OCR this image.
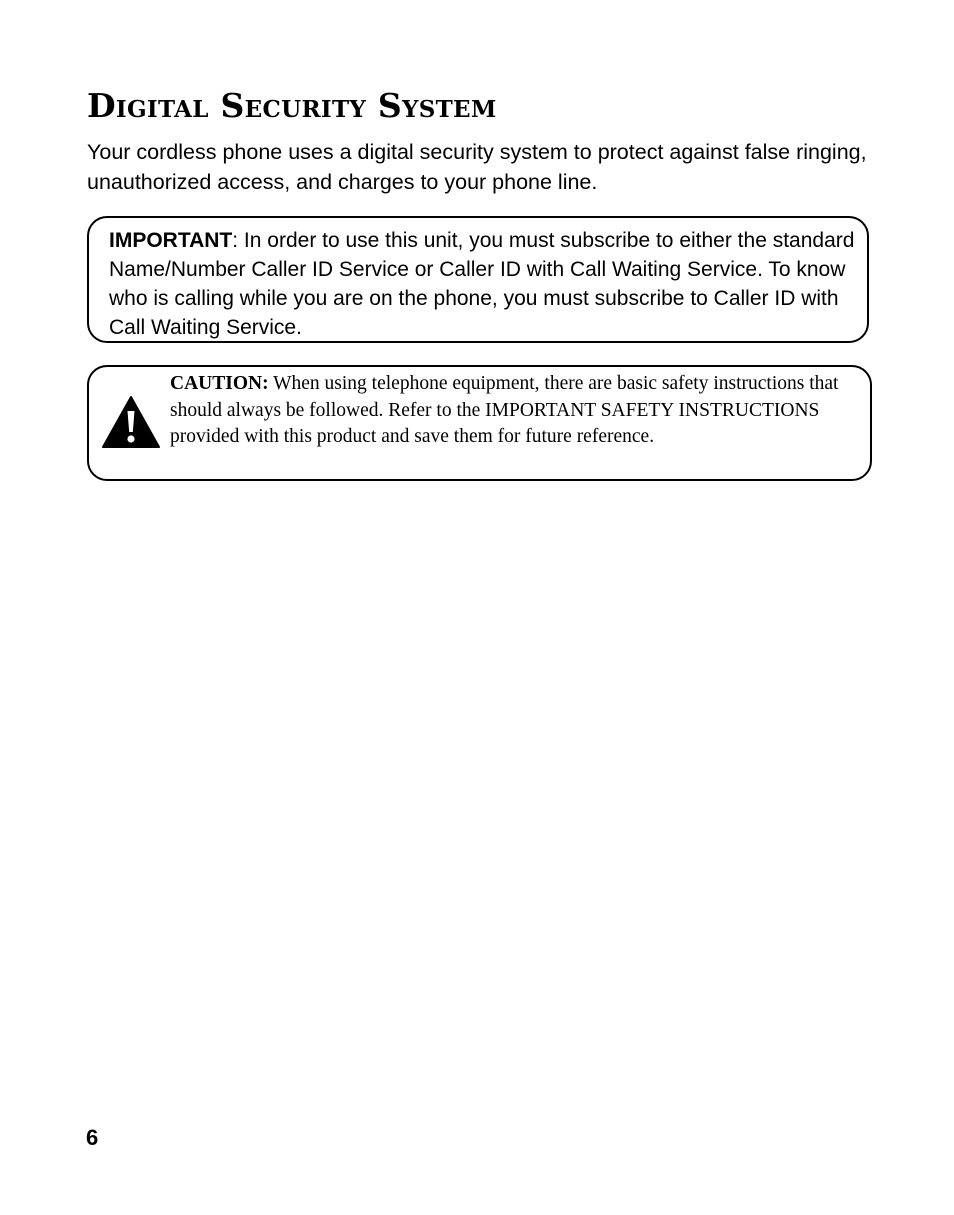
Digital Security System

Your cordless phone uses a digital security system to protect against false ringing, unauthorized access, and charges to your phone line.

IMPORTANT: In order to use this unit, you must subscribe to either the standard Name/Number Caller ID Service or Caller ID with Call Waiting Service. To know who is calling while you are on the phone, you must subscribe to Caller ID with Call Waiting Service.
CAUTION: When using telephone equipment, there are basic safety instructions that should always be followed. Refer to the IMPORTANT SAFETY INSTRUCTIONS provided with this product and save them for future reference.
6
